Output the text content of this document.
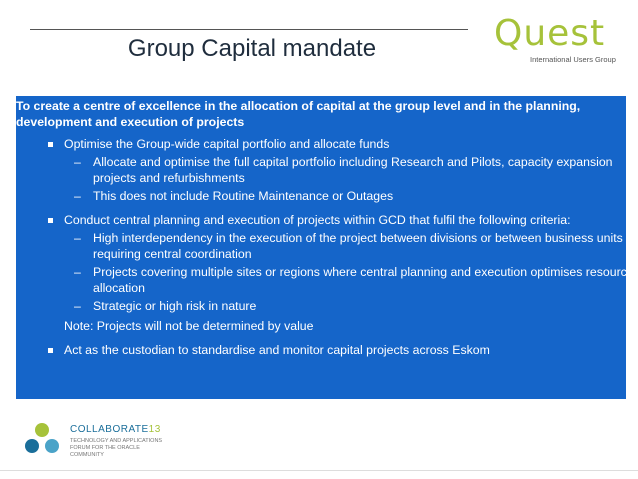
Group Capital mandate	Quest
International Users Group

To create a centre of excellence in the allocation of capital at the group level and in the planning, development and execution of projects

Optimise the Group-wide capital portfolio and allocate funds
– Allocate and optimise the full capital portfolio including Research and Pilots, capacity expansion projects and refurbishments
– This does not include Routine Maintenance or Outages
Conduct central planning and execution of projects within GCD that fulfil the following criteria:
– High interdependency in the execution of the project between divisions or between business units requiring central coordination
– Projects covering multiple sites or regions where central planning and execution optimises resource allocation
– Strategic or high risk in nature
Note: Projects will not be determined by value
Act as the custodian to standardise and monitor capital projects across Eskom
COLLABORATE13
TECHNOLOGY AND APPLICATIONS FORUM FOR THE ORACLE COMMUNITY
